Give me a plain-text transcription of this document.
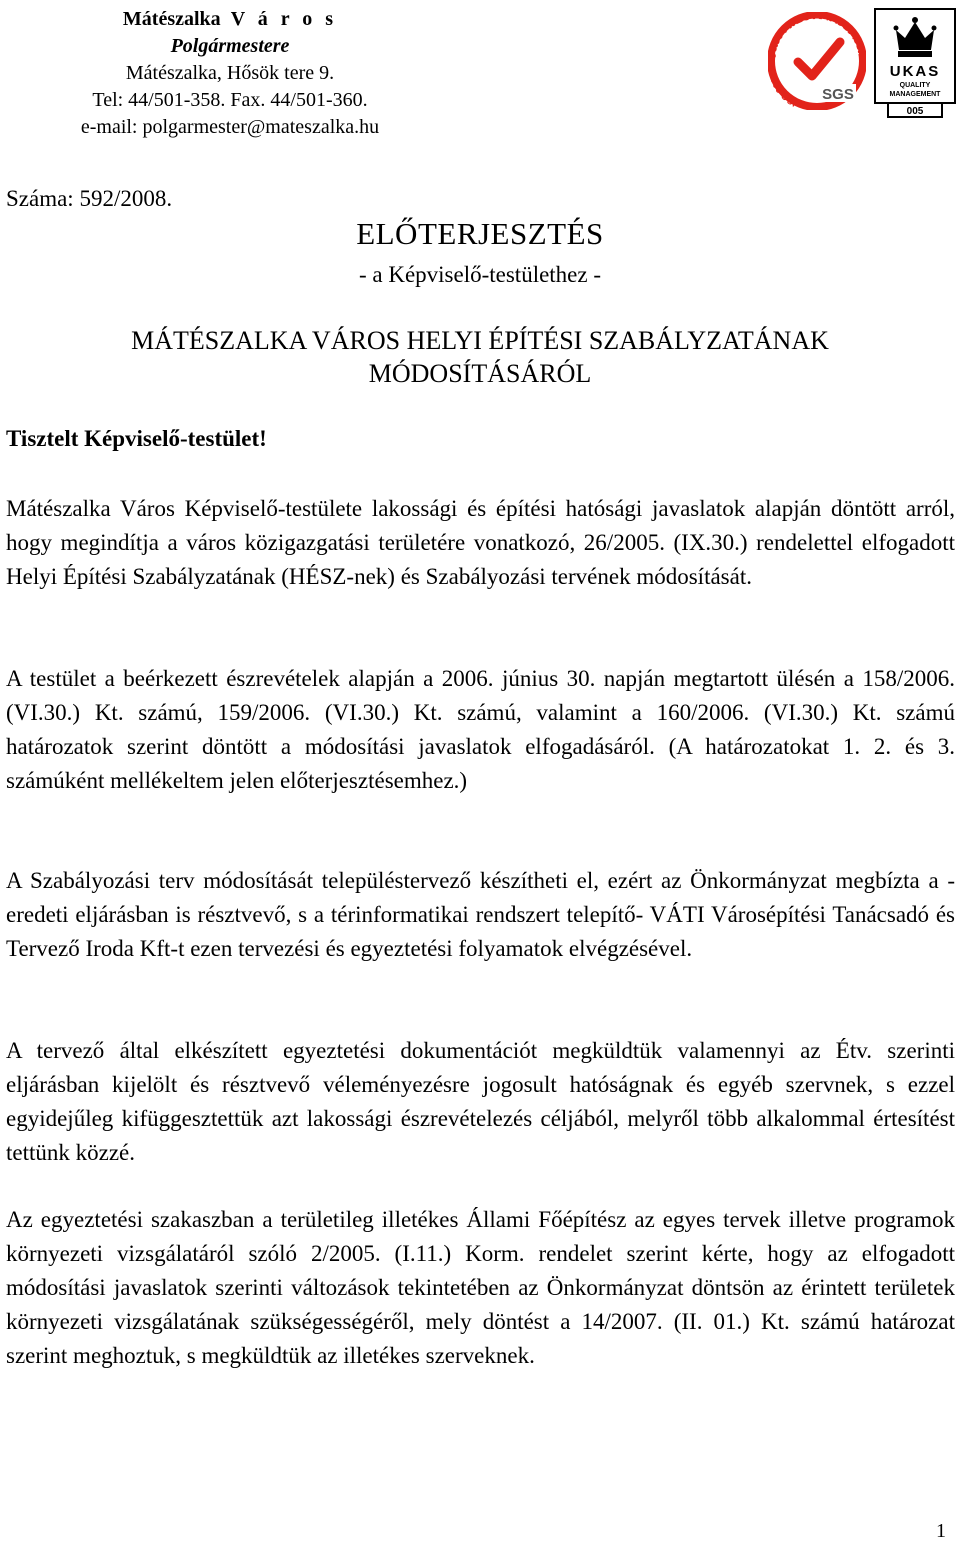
Mátészalka V á r o s
Polgármestere
Mátészalka, Hősök tere 9.
Tel: 44/501-358. Fax. 44/501-360.
e-mail: polgarmester@mateszalka.hu
SYSTEM CERTIFICATION
ISO 9001 0
SGS
UKAS
QUALITY
MANAGEMENT
005
Száma: 592/2008.
ELŐTERJESZTÉS
- a Képviselő-testülethez -
MÁTÉSZALKA VÁROS HELYI ÉPÍTÉSI SZABÁLYZATÁNAK
MÓDOSÍTÁSÁRÓL
Tisztelt Képviselő-testület!

Mátészalka Város Képviselő-testülete lakossági és építési hatósági javaslatok alapján döntött arról, hogy megindítja a város közigazgatási területére vonatkozó, 26/2005. (IX.30.) rendelettel elfogadott Helyi Építési Szabályzatának (HÉSZ-nek) és Szabályozási tervének módosítását.

A testület a beérkezett észrevételek alapján a 2006. június 30. napján megtartott ülésén a 158/2006. (VI.30.) Kt. számú, 159/2006. (VI.30.) Kt. számú, valamint a 160/2006. (VI.30.) Kt. számú határozatok szerint döntött a módosítási javaslatok elfogadásáról. (A határozatokat 1. 2. és 3. számúként mellékeltem jelen előterjesztésemhez.)

A Szabályozási terv módosítását településtervező készítheti el, ezért az Önkormányzat megbízta a - eredeti eljárásban is résztvevő, s a térinformatikai rendszert telepítő- VÁTI Városépítési Tanácsadó és Tervező Iroda Kft-t ezen tervezési és egyeztetési folyamatok elvégzésével.

A tervező által elkészített egyeztetési dokumentációt megküldtük valamennyi az Étv. szerinti eljárásban kijelölt és résztvevő véleményezésre jogosult hatóságnak és egyéb szervnek, s ezzel egyidejűleg kifüggesztettük azt lakossági észrevételezés céljából, melyről több alkalommal értesítést tettünk közzé.

Az egyeztetési szakaszban a területileg illetékes Állami Főépítész az egyes tervek illetve programok környezeti vizsgálatáról szóló 2/2005. (I.11.) Korm. rendelet szerint kérte, hogy az elfogadott módosítási javaslatok szerinti változások tekintetében az Önkormányzat döntsön az érintett területek környezeti vizsgálatának szükségességéről, mely döntést a 14/2007. (II. 01.) Kt. számú határozat szerint meghoztuk, s megküldtük az illetékes szerveknek.

1
